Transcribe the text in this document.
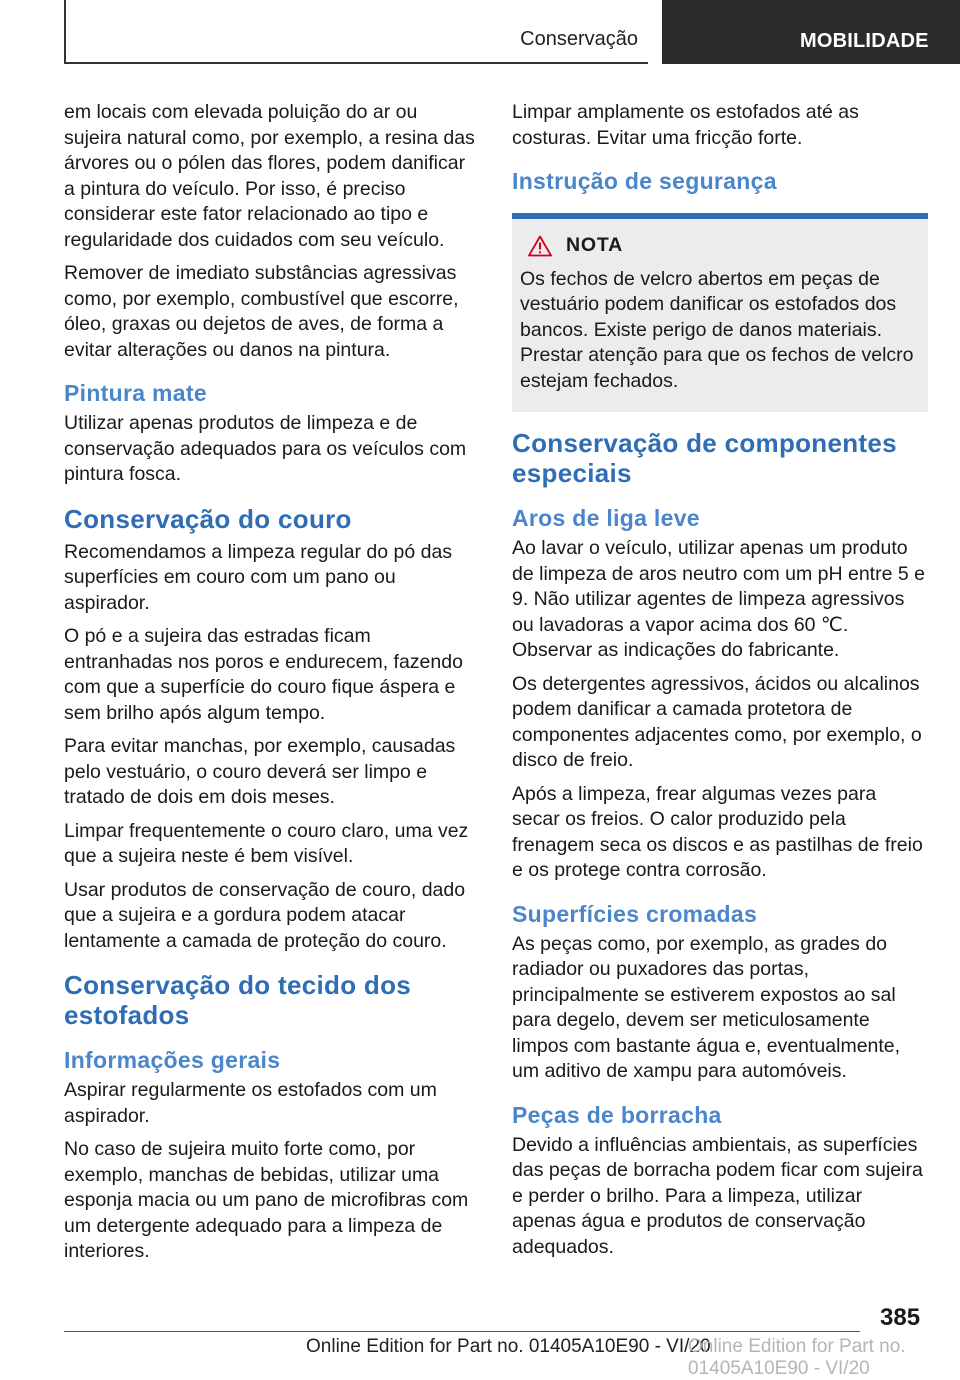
Conservação	MOBILIDADE

em locais com elevada poluição do ar ou sujeira natural como, por exemplo, a resina das árvores ou o pólen das flores, podem danificar a pintura do veículo. Por isso, é preciso considerar este fator relacionado ao tipo e regularidade dos cuidados com seu veículo.

Remover de imediato substâncias agressivas como, por exemplo, combustível que escorre, óleo, graxas ou dejetos de aves, de forma a evitar alterações ou danos na pintura.

Pintura mate

Utilizar apenas produtos de limpeza e de conservação adequados para os veículos com pintura fosca.

Conservação do couro

Recomendamos a limpeza regular do pó das superfícies em couro com um pano ou aspirador.

O pó e a sujeira das estradas ficam entranhadas nos poros e endurecem, fazendo com que a superfície do couro fique áspera e sem brilho após algum tempo.

Para evitar manchas, por exemplo, causadas pelo vestuário, o couro deverá ser limpo e tratado de dois em dois meses.

Limpar frequentemente o couro claro, uma vez que a sujeira neste é bem visível.

Usar produtos de conservação de couro, dado que a sujeira e a gordura podem atacar lentamente a camada de proteção do couro.

Conservação do tecido dos estofados
Informações gerais

Aspirar regularmente os estofados com um aspirador.

No caso de sujeira muito forte como, por exemplo, manchas de bebidas, utilizar uma esponja macia ou um pano de microfibras com um detergente adequado para a limpeza de interiores.

Limpar amplamente os estofados até as costuras. Evitar uma fricção forte.

Instrução de segurança
NOTA

Os fechos de velcro abertos em peças de vestuário podem danificar os estofados dos bancos. Existe perigo de danos materiais. Prestar atenção para que os fechos de velcro estejam fechados.

Conservação de componentes especiais
Aros de liga leve

Ao lavar o veículo, utilizar apenas um produto de limpeza de aros neutro com um pH entre 5 e 9. Não utilizar agentes de limpeza agressivos ou lavadoras a vapor acima dos 60 ℃. Observar as indicações do fabricante.

Os detergentes agressivos, ácidos ou alcalinos podem danificar a camada protetora de componentes adjacentes como, por exemplo, o disco de freio.

Após a limpeza, frear algumas vezes para secar os freios. O calor produzido pela frenagem seca os discos e as pastilhas de freio e os protege contra corrosão.

Superfícies cromadas

As peças como, por exemplo, as grades do radiador ou puxadores das portas, principalmente se estiverem expostos ao sal para degelo, devem ser meticulosamente limpos com bastante água e, eventualmente, um aditivo de xampu para automóveis.

Peças de borracha

Devido a influências ambientais, as superfícies das peças de borracha podem ficar com sujeira e perder o brilho. Para a limpeza, utilizar apenas água e produtos de conservação adequados.

385
Online Edition for Part no. 01405A10E90 - VI/20
Online Edition for Part no. 01405A10E90 - VI/20
